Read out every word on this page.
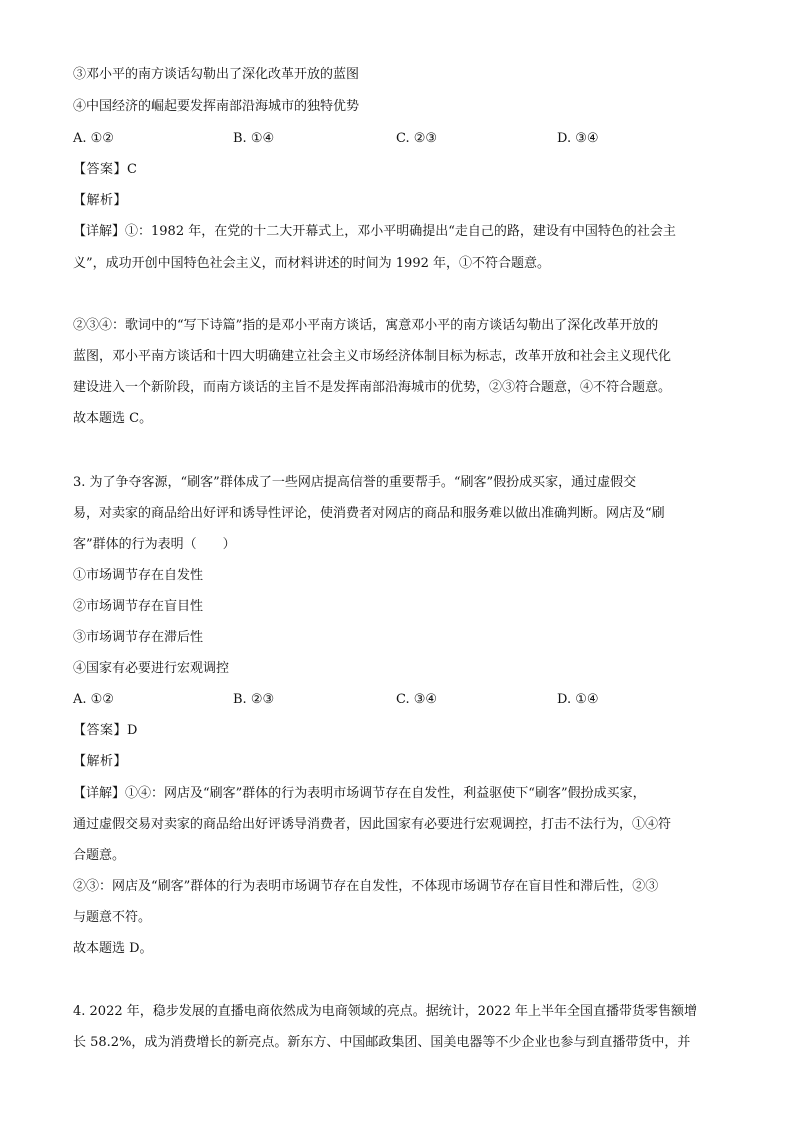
③邓小平的南方谈话勾勒出了深化改革开放的蓝图
④中国经济的崛起要发挥南部沿海城市的独特优势
A. ①②	B. ①④	C. ②③	D. ③④
【答案】C
【解析】
【详解】①：1982 年，在党的十二大开幕式上，邓小平明确提出“走自己的路，建设有中国特色的社会主
义”，成功开创中国特色社会主义，而材料讲述的时间为 1992 年，①不符合题意。
②③④：歌词中的“写下诗篇”指的是邓小平南方谈话，寓意邓小平的南方谈话勾勒出了深化改革开放的
蓝图，邓小平南方谈话和十四大明确建立社会主义市场经济体制目标为标志，改革开放和社会主义现代化
建设进入一个新阶段，而南方谈话的主旨不是发挥南部沿海城市的优势，②③符合题意，④不符合题意。
故本题选 C。
3. 为了争夺客源，“刷客”群体成了一些网店提高信誉的重要帮手。“刷客”假扮成买家，通过虚假交
易，对卖家的商品给出好评和诱导性评论，使消费者对网店的商品和服务难以做出准确判断。网店及“刷
客”群体的行为表明（　　）
①市场调节存在自发性
②市场调节存在盲目性
③市场调节存在滞后性
④国家有必要进行宏观调控
A. ①②	B. ②③	C. ③④	D. ①④
【答案】D
【解析】
【详解】①④：网店及“刷客”群体的行为表明市场调节存在自发性，利益驱使下“刷客”假扮成买家，
通过虚假交易对卖家的商品给出好评诱导消费者，因此国家有必要进行宏观调控，打击不法行为，①④符
合题意。
②③：网店及“刷客”群体的行为表明市场调节存在自发性，不体现市场调节存在盲目性和滞后性，②③
与题意不符。
故本题选 D。
4. 2022 年，稳步发展的直播电商依然成为电商领域的亮点。据统计，2022 年上半年全国直播带货零售额增
长 58.2%，成为消费增长的新亮点。新东方、中国邮政集团、国美电器等不少企业也参与到直播带货中，并
